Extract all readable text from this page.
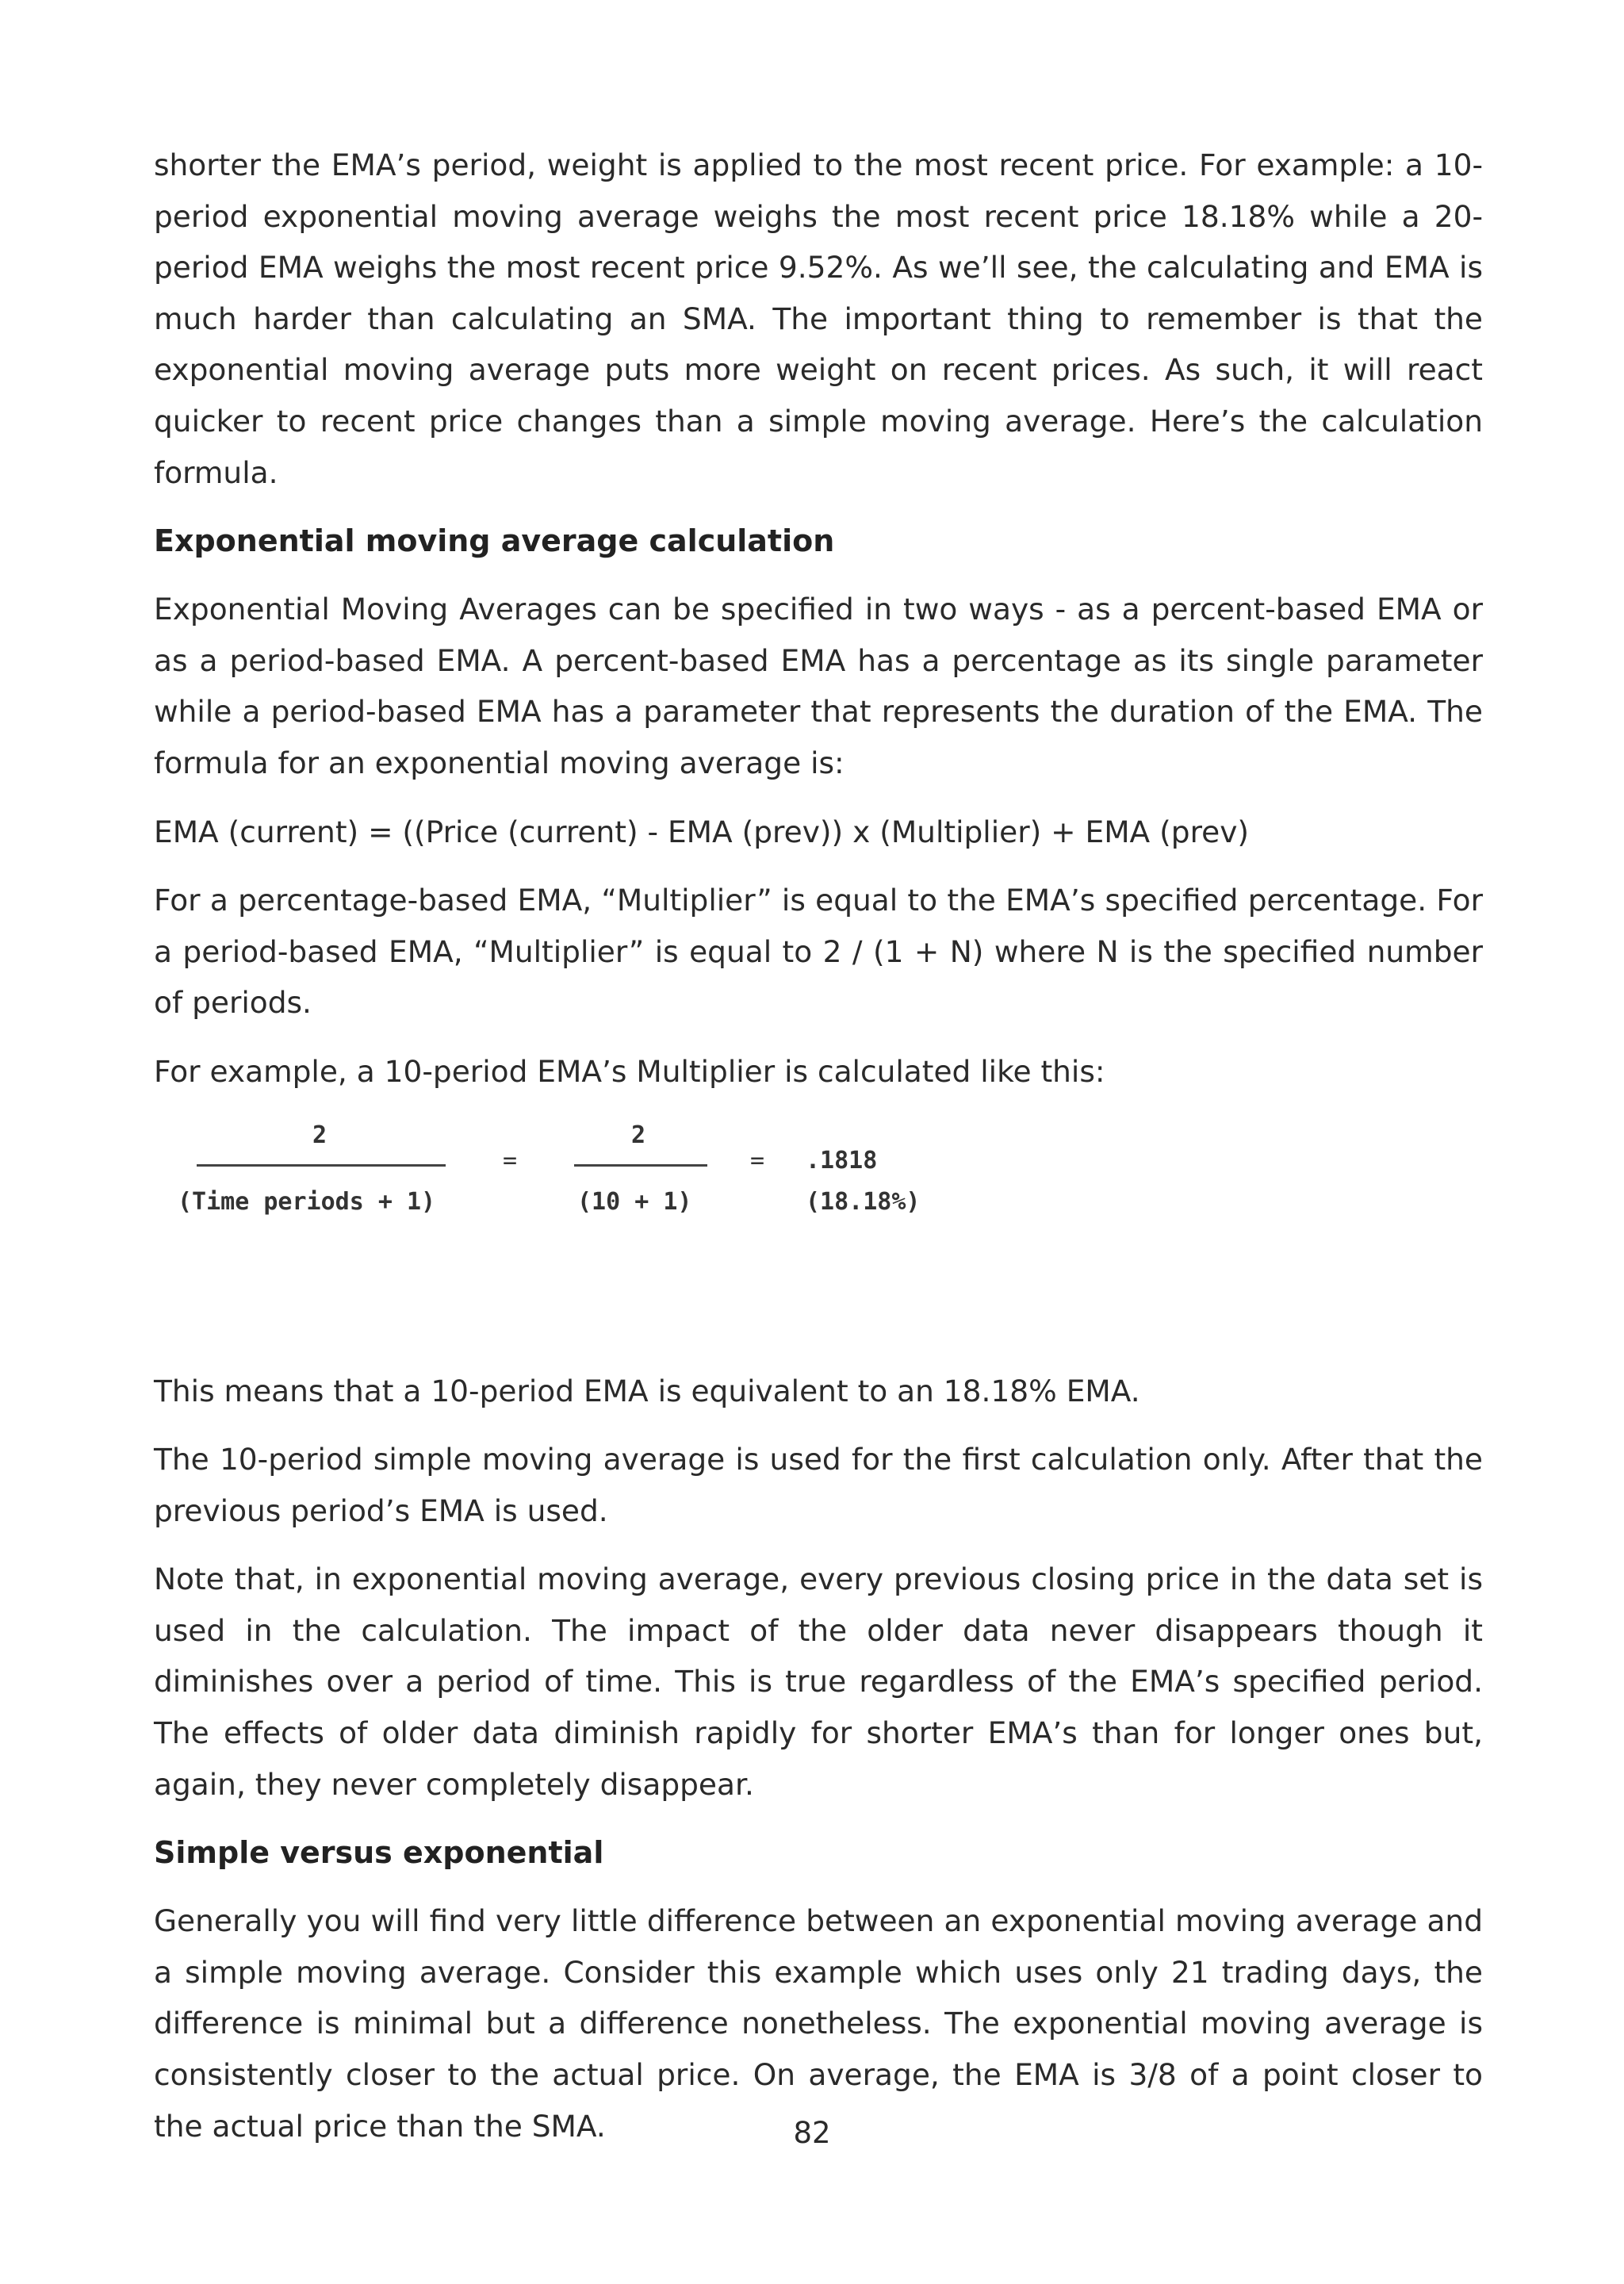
shorter the EMA’s period, weight is applied to the most recent price. For example: a 10-period exponential moving average weighs the most recent price 18.18% while a 20-period EMA weighs the most recent price 9.52%. As we’ll see, the calculating and EMA is much harder than calculating an SMA. The important thing to remember is that the exponential moving average puts more weight on recent prices. As such, it will react quicker to recent price changes than a simple moving average. Here’s the calculation formula.

Exponential moving average calculation

Exponential Moving Averages can be specified in two ways - as a percent-based EMA or as a period-based EMA. A percent-based EMA has a percentage as its single parameter while a period-based EMA has a parameter that represents the duration of the EMA. The formula for an exponential moving average is:

EMA (current) = ((Price (current) - EMA (prev)) x (Multiplier) + EMA (prev)

For a percentage-based EMA, “Multiplier” is equal to the EMA’s specified percentage. For a period-based EMA, “Multiplier” is equal to 2 / (1 + N) where N is the specified number of periods.

For example, a 10-period EMA’s Multiplier is calculated like this:

2
(Time periods + 1)
=
2
(10 + 1)
= .1818
(18.18%)

This means that a 10-period EMA is equivalent to an 18.18% EMA.

The 10-period simple moving average is used for the first calculation only. After that the previous period’s EMA is used.

Note that, in exponential moving average, every previous closing price in the data set is used in the calculation. The impact of the older data never disappears though it diminishes over a period of time. This is true regardless of the EMA’s specified period. The effects of older data diminish rapidly for shorter EMA’s than for longer ones but, again, they never completely disappear.

Simple versus exponential

Generally you will find very little difference between an exponential moving average and a simple moving average. Consider this example which uses only 21 trading days, the difference is minimal but a difference nonetheless. The exponential moving average is consistently closer to the actual price. On average, the EMA is 3/8 of a point closer to the actual price than the SMA.	82
